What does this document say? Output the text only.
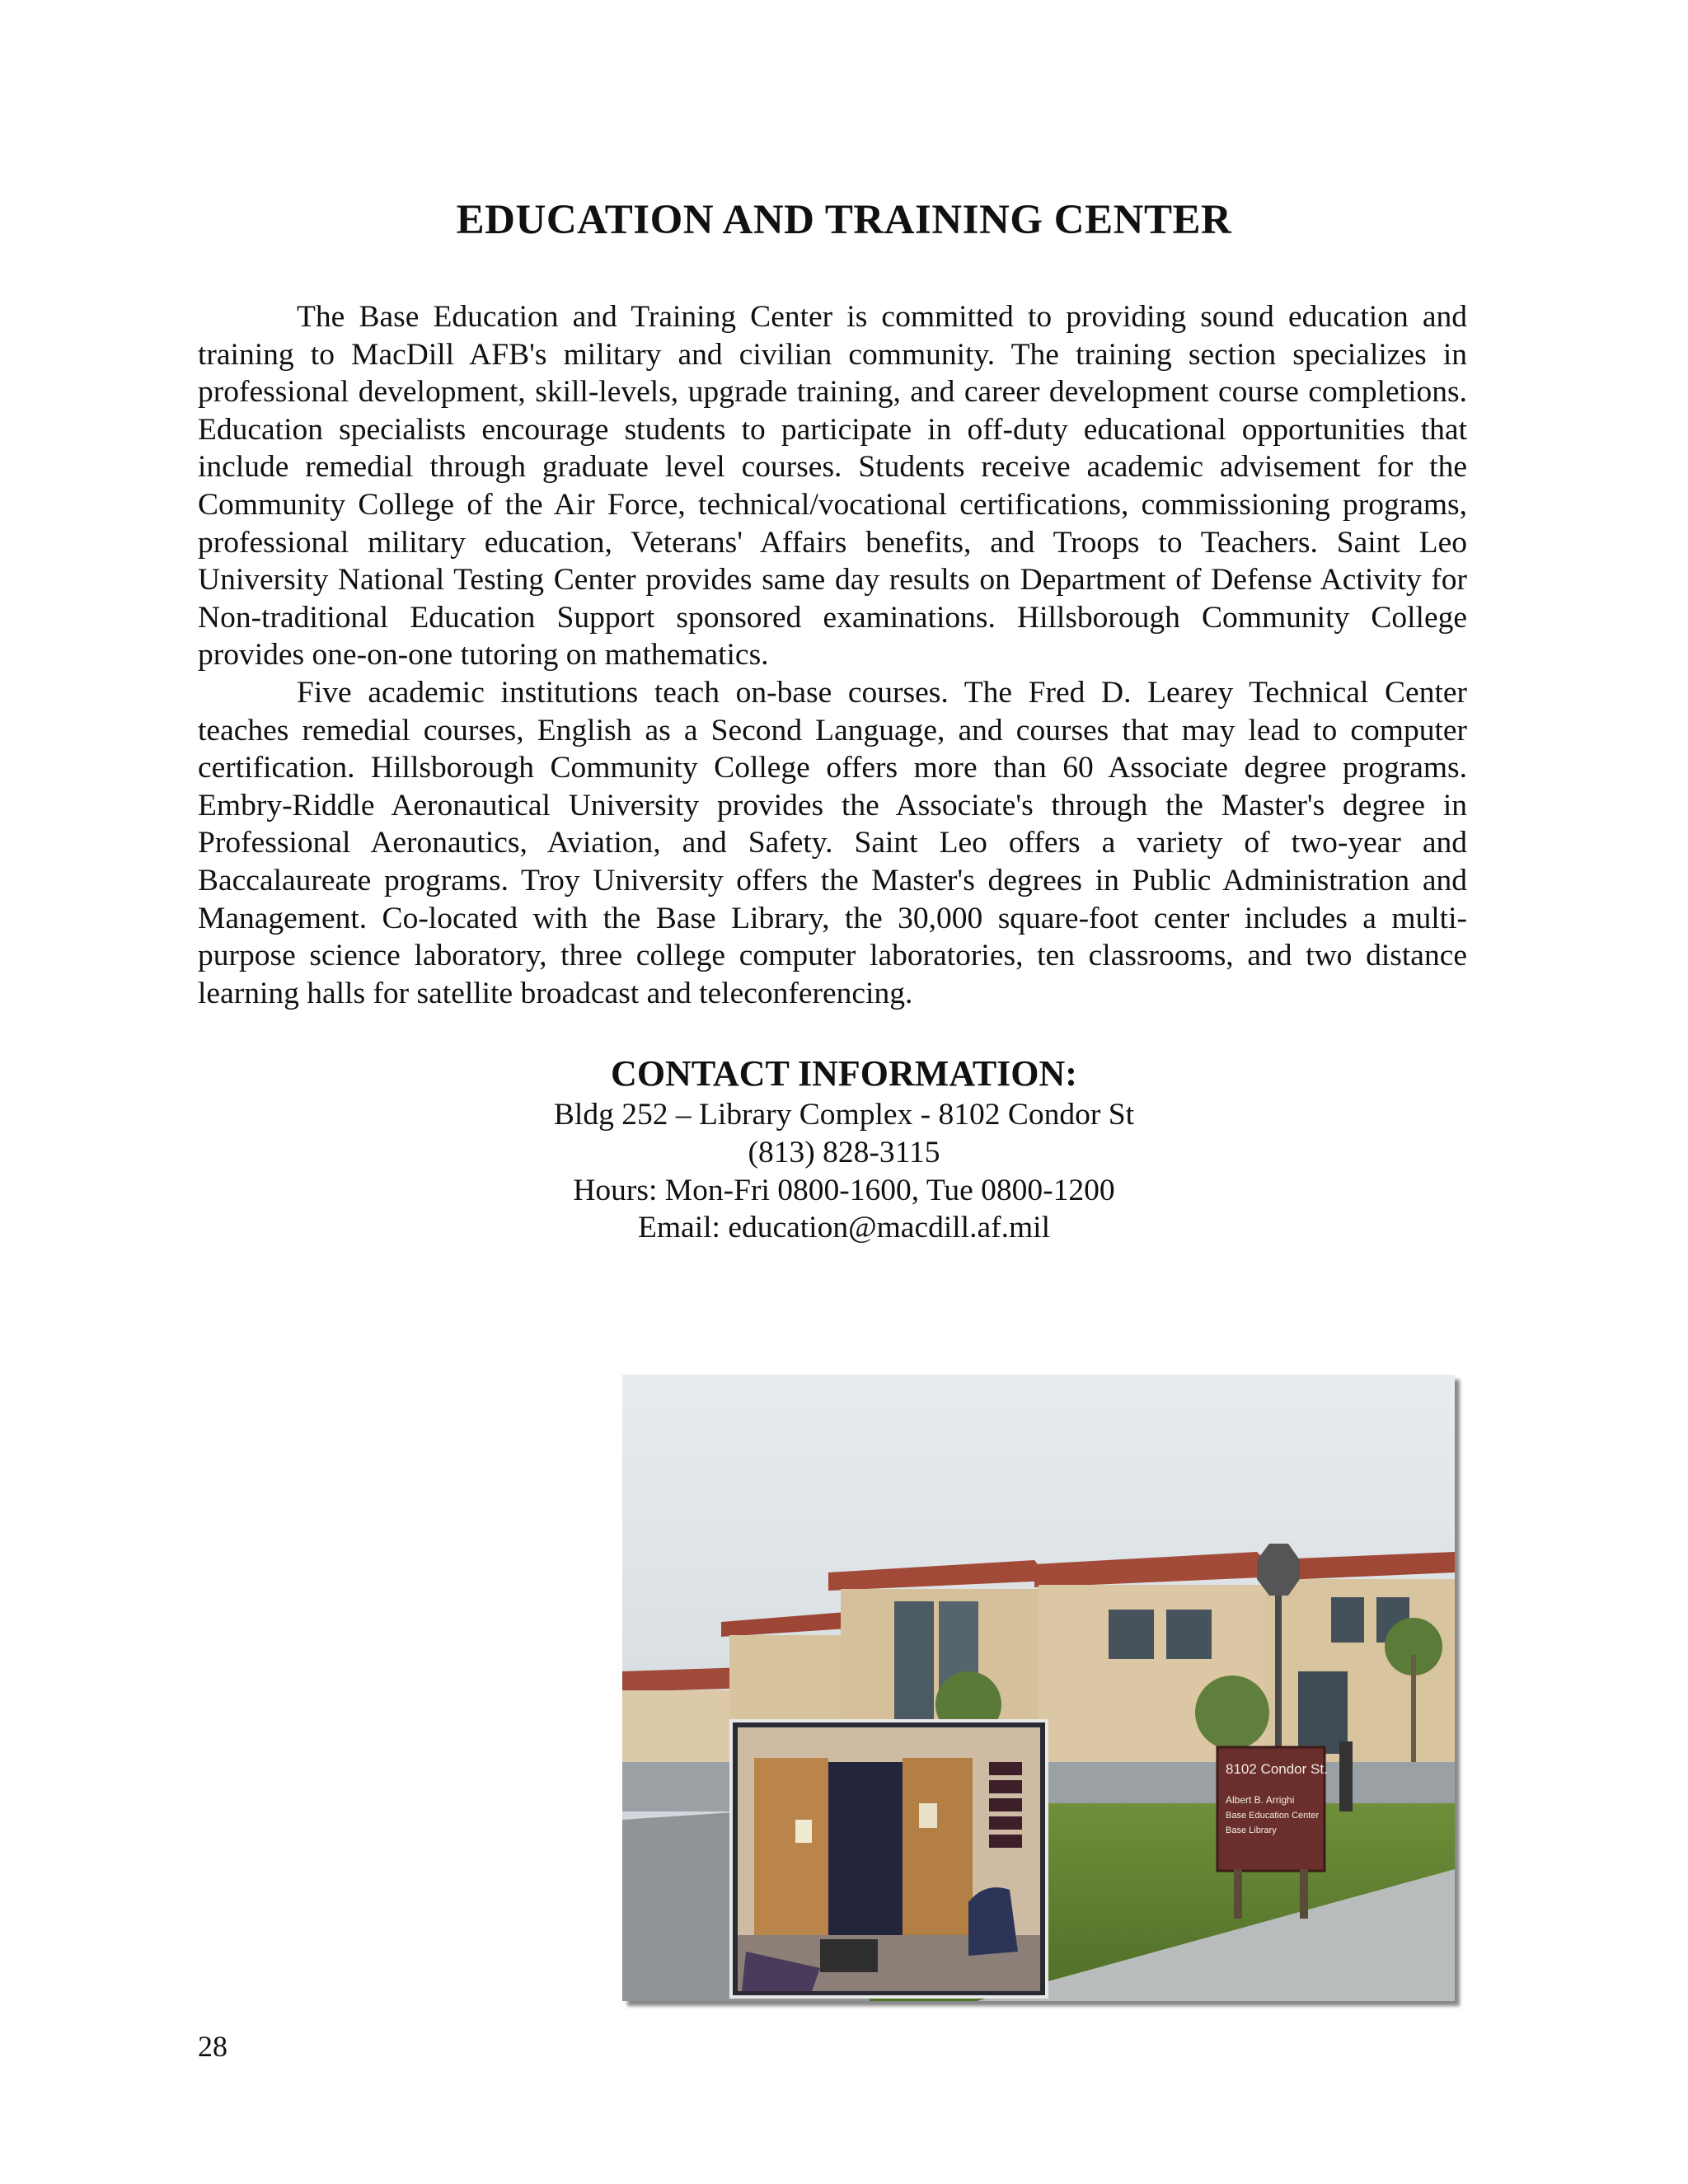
EDUCATION AND TRAINING CENTER

The Base Education and Training Center is committed to providing sound education and training to MacDill AFB's military and civilian community. The training section specializes in professional development, skill-levels, upgrade training, and career development course completions. Education specialists encourage students to participate in off-duty educational opportunities that include remedial through graduate level courses. Students receive academic advisement for the Community College of the Air Force, technical/vocational certifications, commissioning programs, professional military education, Veterans' Affairs benefits, and Troops to Teachers. Saint Leo University National Testing Center provides same day results on Department of Defense Activity for Non-traditional Education Support sponsored examinations. Hillsborough Community College provides one-on-one tutoring on mathematics.

Five academic institutions teach on-base courses. The Fred D. Learey Technical Center teaches remedial courses, English as a Second Language, and courses that may lead to computer certification. Hillsborough Community College offers more than 60 Associate degree programs. Embry-Riddle Aeronautical University provides the Associate's through the Master's degree in Professional Aeronautics, Aviation, and Safety. Saint Leo offers a variety of two-year and Baccalaureate programs. Troy University offers the Master's degrees in Public Administration and Management. Co-located with the Base Library, the 30,000 square-foot center includes a multi-purpose science laboratory, three college computer laboratories, ten classrooms, and two distance learning halls for satellite broadcast and teleconferencing.

CONTACT INFORMATION:
Bldg 252 – Library Complex - 8102 Condor St
(813) 828-3115
Hours: Mon-Fri 0800-1600, Tue 0800-1200
Email: education@macdill.af.mil
8102 Condor St.
Albert B. Arrighi
Base Education Center
Base Library
28
